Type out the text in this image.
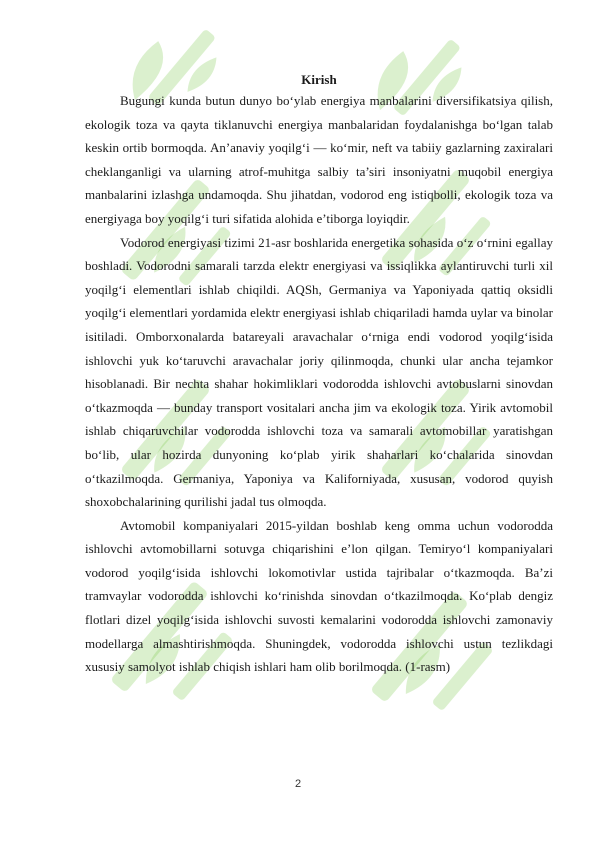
Kirish

Bugungi kunda butun dunyo bo‘ylab energiya manbalarini diversifikatsiya qilish, ekologik toza va qayta tiklanuvchi energiya manbalaridan foydalanishga bo‘lgan talab keskin ortib bormoqda. An’anaviy yoqilg‘i — ko‘mir, neft va tabiiy gazlarning zaxiralari cheklanganligi va ularning atrof-muhitga salbiy ta’siri insoniyatni muqobil energiya manbalarini izlashga undamoqda. Shu jihatdan, vodorod eng istiqbolli, ekologik toza va energiyaga boy yoqilg‘i turi sifatida alohida e’tiborga loyiqdir.

Vodorod energiyasi tizimi 21-asr boshlarida energetika sohasida o‘z o‘rnini egallay boshladi. Vodorodni samarali tarzda elektr energiyasi va issiqlikka aylantiruvchi turli xil yoqilg‘i elementlari ishlab chiqildi. AQSh, Germaniya va Yaponiyada qattiq oksidli yoqilg‘i elementlari yordamida elektr energiyasi ishlab chiqariladi hamda uylar va binolar isitiladi. Omborxonalarda batareyali aravachalar o‘rniga endi vodorod yoqilg‘isida ishlovchi yuk ko‘taruvchi aravachalar joriy qilinmoqda, chunki ular ancha tejamkor hisoblanadi. Bir nechta shahar hokimliklari vodorodda ishlovchi avtobuslarni sinovdan o‘tkazmoqda — bunday transport vositalari ancha jim va ekologik toza. Yirik avtomobil ishlab chiqaruvchilar vodorodda ishlovchi toza va samarali avtomobillar yaratishgan bo‘lib, ular hozirda dunyoning ko‘plab yirik shaharlari ko‘chalarida sinovdan o‘tkazilmoqda. Germaniya, Yaponiya va Kaliforniyada, xususan, vodorod quyish shoxobchalarining qurilishi jadal tus olmoqda.

Avtomobil kompaniyalari 2015-yildan boshlab keng omma uchun vodorodda ishlovchi avtomobillarni sotuvga chiqarishini e’lon qilgan. Temiryo‘l kompaniyalari vodorod yoqilg‘isida ishlovchi lokomotivlar ustida tajribalar o‘tkazmoqda. Ba’zi tramvaylar vodorodda ishlovchi ko‘rinishda sinovdan o‘tkazilmoqda. Ko‘plab dengiz flotlari dizel yoqilg‘isida ishlovchi suvosti kemalarini vodorodda ishlovchi zamonaviy modellarga almashtirishmoqda. Shuningdek, vodorodda ishlovchi ustun tezlikdagi xususiy samolyot ishlab chiqish ishlari ham olib borilmoqda. (1-rasm)

2
